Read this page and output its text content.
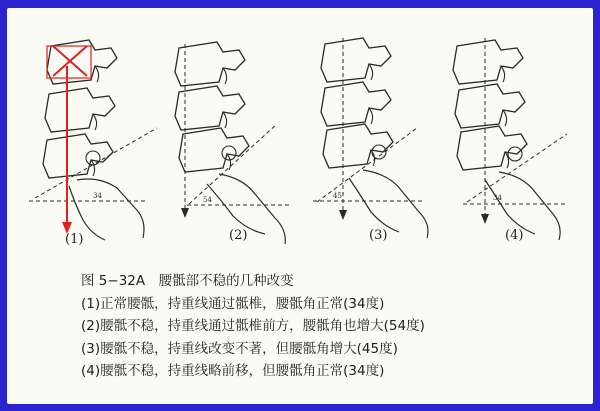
(1)	(2)	(3)	(4)
34	54	45	34
图 5−32A　腰骶部不稳的几种改变
(1)正常腰骶，持重线通过骶椎，腰骶角正常(34度)
(2)腰骶不稳，持重线通过骶椎前方，腰骶角也增大(54度)
(3)腰骶不稳，持重线改变不著，但腰骶角增大(45度)
(4)腰骶不稳，持重线略前移，但腰骶角正常(34度)
